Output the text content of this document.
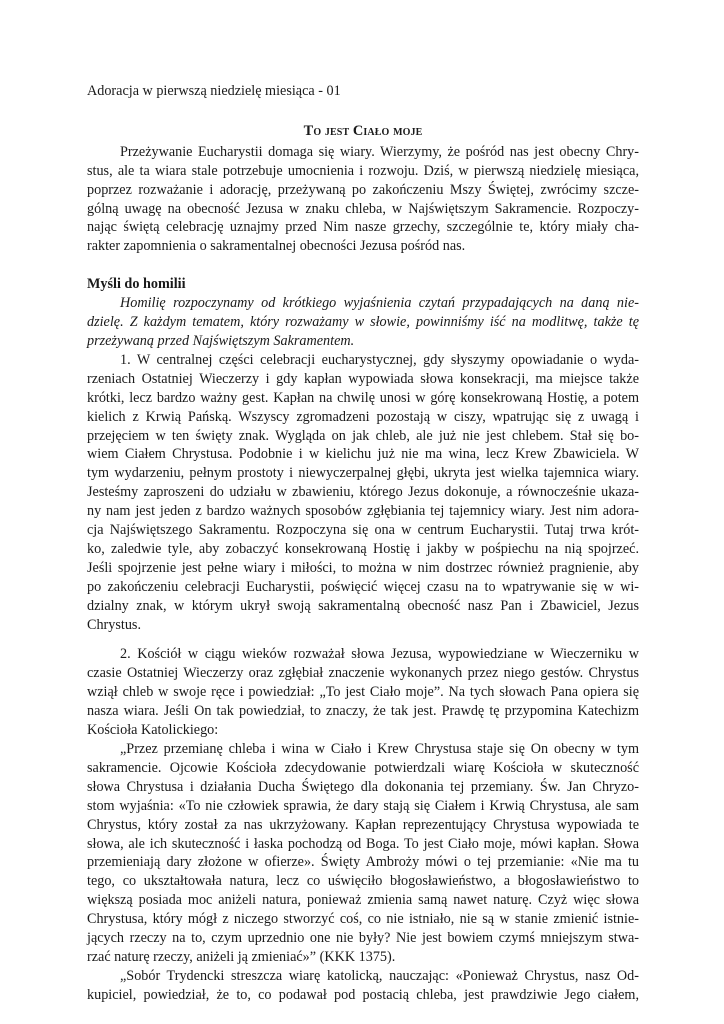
Adoracja w pierwszą niedzielę miesiąca - 01

To jest Ciało moje

Przeżywanie Eucharystii domaga się wiary. Wierzymy, że pośród nas jest obecny Chry-
stus, ale ta wiara stale potrzebuje umocnienia i rozwoju. Dziś, w pierwszą niedzielę miesiąca,
poprzez rozważanie i adorację, przeżywaną po zakończeniu Mszy Świętej, zwrócimy szcze-
gólną uwagę na obecność Jezusa w znaku chleba, w Najświętszym Sakramencie. Rozpoczy-
nając świętą celebrację uznajmy przed Nim nasze grzechy, szczególnie te, który miały cha-
rakter zapomnienia o sakramentalnej obecności Jezusa pośród nas.

Myśli do homilii

Homilię rozpoczynamy od krótkiego wyjaśnienia czytań przypadających na daną nie-
dzielę. Z każdym tematem, który rozważamy w słowie, powinniśmy iść na modlitwę, także tę
przeżywaną przed Najświętszym Sakramentem.
1. W centralnej części celebracji eucharystycznej, gdy słyszymy opowiadanie o wyda-
rzeniach Ostatniej Wieczerzy i gdy kapłan wypowiada słowa konsekracji, ma miejsce także
krótki, lecz bardzo ważny gest. Kapłan na chwilę unosi w górę konsekrowaną Hostię, a potem
kielich z Krwią Pańską. Wszyscy zgromadzeni pozostają w ciszy, wpatrując się z uwagą i
przejęciem w ten święty znak. Wygląda on jak chleb, ale już nie jest chlebem. Stał się bo-
wiem Ciałem Chrystusa. Podobnie i w kielichu już nie ma wina, lecz Krew Zbawiciela. W
tym wydarzeniu, pełnym prostoty i niewyczerpalnej głębi, ukryta jest wielka tajemnica wiary.
Jesteśmy zaproszeni do udziału w zbawieniu, którego Jezus dokonuje, a równocześnie ukaza-
ny nam jest jeden z bardzo ważnych sposobów zgłębiania tej tajemnicy wiary. Jest nim adora-
cja Najświętszego Sakramentu. Rozpoczyna się ona w centrum Eucharystii. Tutaj trwa krót-
ko, zaledwie tyle, aby zobaczyć konsekrowaną Hostię i jakby w pośpiechu na nią spojrzeć.
Jeśli spojrzenie jest pełne wiary i miłości, to można w nim dostrzec również pragnienie, aby
po zakończeniu celebracji Eucharystii, poświęcić więcej czasu na to wpatrywanie się w wi-
dzialny znak, w którym ukrył swoją sakramentalną obecność nasz Pan i Zbawiciel, Jezus
Chrystus.
2. Kościół w ciągu wieków rozważał słowa Jezusa, wypowiedziane w Wieczerniku w
czasie Ostatniej Wieczerzy oraz zgłębiał znaczenie wykonanych przez niego gestów. Chrystus
wziął chleb w swoje ręce i powiedział: „To jest Ciało moje”. Na tych słowach Pana opiera się
nasza wiara. Jeśli On tak powiedział, to znaczy, że tak jest. Prawdę tę przypomina Katechizm
Kościoła Katolickiego:
„Przez przemianę chleba i wina w Ciało i Krew Chrystusa staje się On obecny w tym
sakramencie. Ojcowie Kościoła zdecydowanie potwierdzali wiarę Kościoła w skuteczność
słowa Chrystusa i działania Ducha Świętego dla dokonania tej przemiany. Św. Jan Chryzo-
stom wyjaśnia: «To nie człowiek sprawia, że dary stają się Ciałem i Krwią Chrystusa, ale sam
Chrystus, który został za nas ukrzyżowany. Kapłan reprezentujący Chrystusa wypowiada te
słowa, ale ich skuteczność i łaska pochodzą od Boga. To jest Ciało moje, mówi kapłan. Słowa
przemieniają dary złożone w ofierze». Święty Ambroży mówi o tej przemianie: «Nie ma tu
tego, co ukształtowała natura, lecz co uświęciło błogosławieństwo, a błogosławieństwo to
większą posiada moc aniżeli natura, ponieważ zmienia samą nawet naturę. Czyż więc słowa
Chrystusa, który mógł z niczego stworzyć coś, co nie istniało, nie są w stanie zmienić istnie-
jących rzeczy na to, czym uprzednio one nie były? Nie jest bowiem czymś mniejszym stwa-
rzać naturę rzeczy, aniżeli ją zmieniać»” (KKK 1375).
„Sobór Trydencki streszcza wiarę katolicką, nauczając: «Ponieważ Chrystus, nasz Od-
kupiciel, powiedział, że to, co podawał pod postacią chleba, jest prawdziwie Jego ciałem,
